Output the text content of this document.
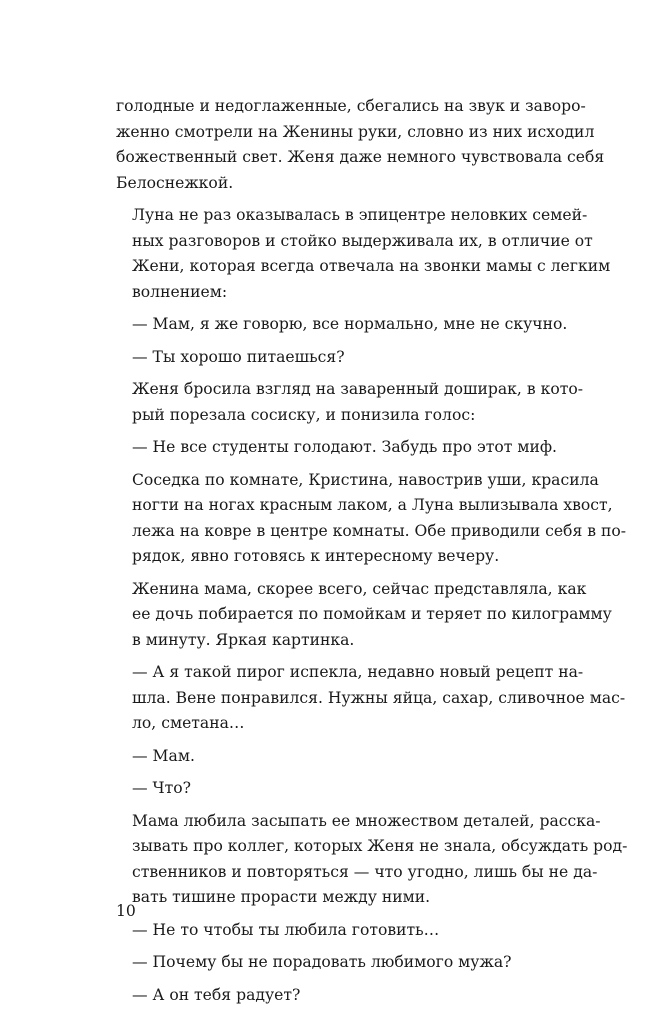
голодные и недоглаженные, сбегались на звук и заворо-
женно смотрели на Женины руки, словно из них исходил
божественный свет. Женя даже немного чувствовала себя
Белоснежкой.

Луна не раз оказывалась в эпицентре неловких семей-
ных разговоров и стойко выдерживала их, в отличие от
Жени, которая всегда отвечала на звонки мамы с легким
волнением:

— Мам, я же говорю, все нормально, мне не скучно.

— Ты хорошо питаешься?

Женя бросила взгляд на заваренный доширак, в кото-
рый порезала сосиску, и понизила голос:

— Не все студенты голодают. Забудь про этот миф.

Соседка по комнате, Кристина, навострив уши, красила
ногти на ногах красным лаком, а Луна вылизывала хвост,
лежа на ковре в центре комнаты. Обе приводили себя в по-
рядок, явно готовясь к интересному вечеру.

Женина мама, скорее всего, сейчас представляла, как
ее дочь побирается по помойкам и теряет по килограмму
в минуту. Яркая картинка.

— А я такой пирог испекла, недавно новый рецепт на-
шла. Вене понравился. Нужны яйца, сахар, сливочное мас-
ло, сметана…

— Мам.

— Что?

Мама любила засыпать ее множеством деталей, расска-
зывать про коллег, которых Женя не знала, обсуждать род-
ственников и повторяться — что угодно, лишь бы не да-
вать тишине прорасти между ними.

— Не то чтобы ты любила готовить…

— Почему бы не порадовать любимого мужа?

— А он тебя радует?

10
